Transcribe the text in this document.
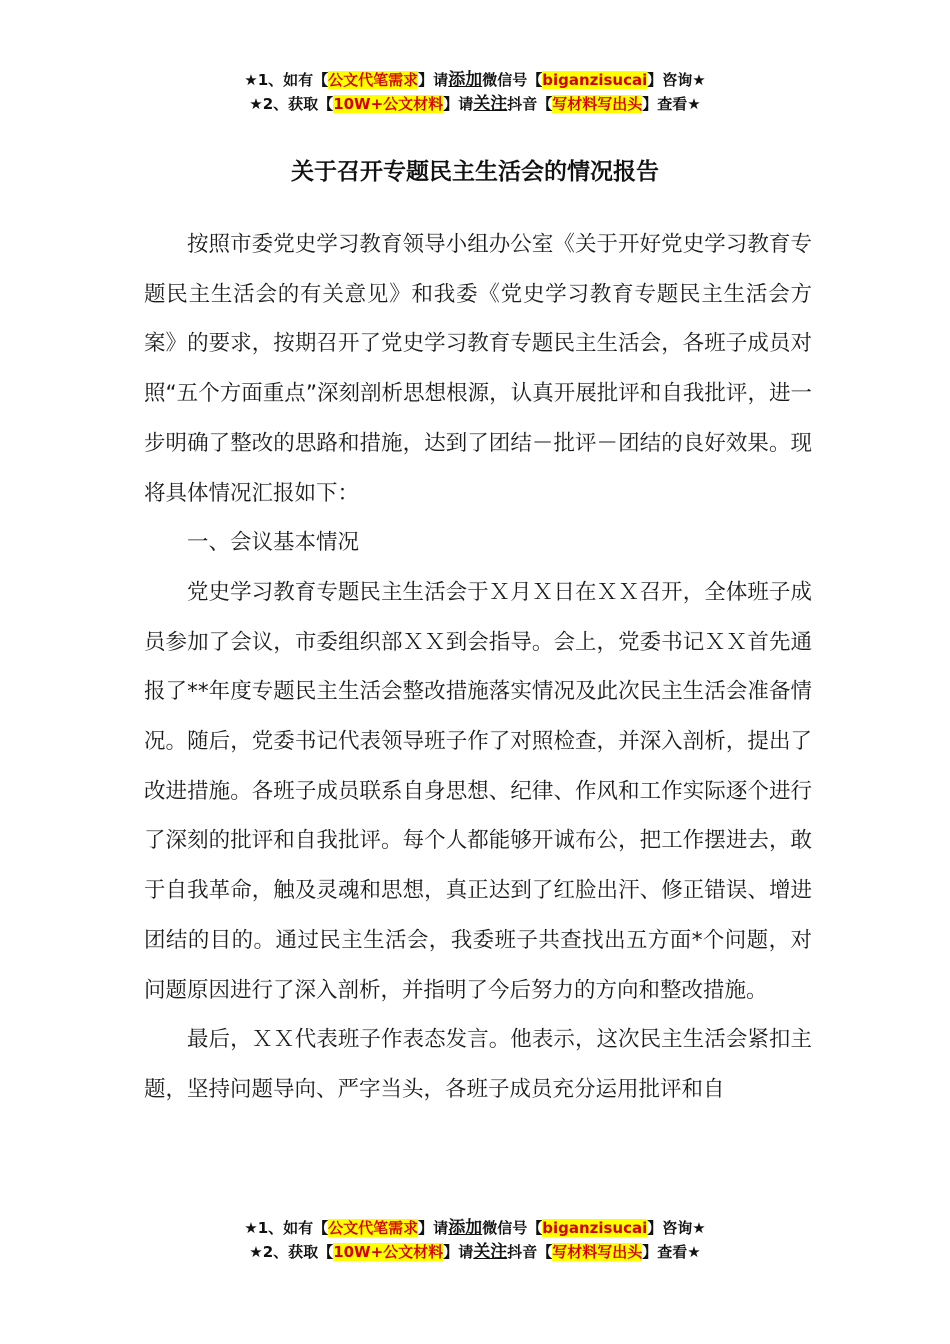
★1、如有【公文代笔需求】请添加微信号【biganzisucai】咨询★
★2、获取【10W+公文材料】请关注抖音【写材料写出头】查看★
关于召开专题民主生活会的情况报告

按照市委党史学习教育领导小组办公室《关于开好党史学习教育专题民主生活会的有关意见》和我委《党史学习教育专题民主生活会方案》的要求，按期召开了党史学习教育专题民主生活会，各班子成员对照“五个方面重点”深刻剖析思想根源，认真开展批评和自我批评，进一步明确了整改的思路和措施，达到了团结－批评－团结的良好效果。现将具体情况汇报如下：

一、会议基本情况

党史学习教育专题民主生活会于Ｘ月Ｘ日在ＸＸ召开，全体班子成员参加了会议，市委组织部ＸＸ到会指导。会上，党委书记ＸＸ首先通报了**年度专题民主生活会整改措施落实情况及此次民主生活会准备情况。随后，党委书记代表领导班子作了对照检查，并深入剖析，提出了改进措施。各班子成员联系自身思想、纪律、作风和工作实际逐个进行了深刻的批评和自我批评。每个人都能够开诚布公，把工作摆进去，敢于自我革命，触及灵魂和思想，真正达到了红脸出汗、修正错误、增进团结的目的。通过民主生活会，我委班子共查找出五方面*个问题，对问题原因进行了深入剖析，并指明了今后努力的方向和整改措施。

最后，ＸＸ代表班子作表态发言。他表示，这次民主生活会紧扣主题，坚持问题导向、严字当头，各班子成员充分运用批评和自

★1、如有【公文代笔需求】请添加微信号【biganzisucai】咨询★
★2、获取【10W+公文材料】请关注抖音【写材料写出头】查看★
